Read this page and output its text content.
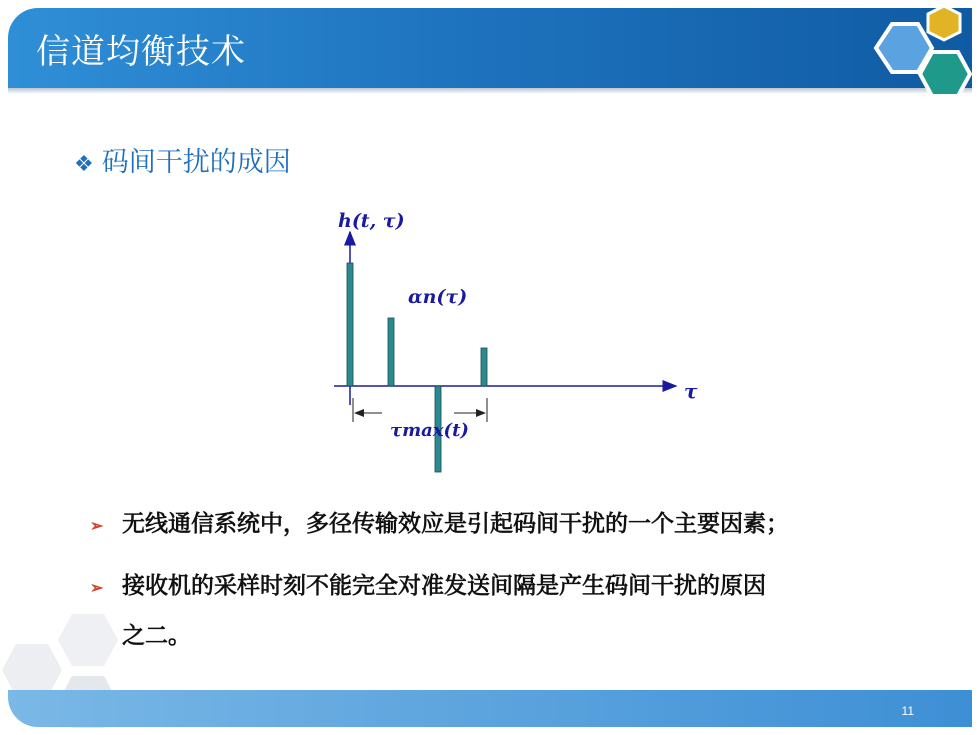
信道均衡技术
❖ 码间干扰的成因
h(t, τ)
αn(τ)
τ
τmax(t)
➢ 无线通信系统中，多径传输效应是引起码间干扰的一个主要因素；
➢ 接收机的采样时刻不能完全对准发送间隔是产生码间干扰的原因
之二。
11
